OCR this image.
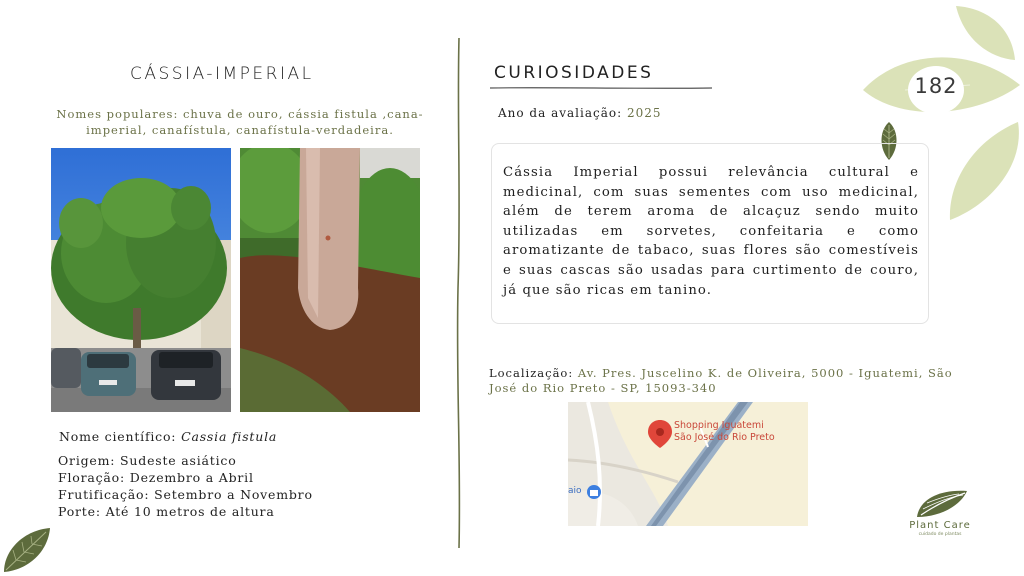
182
CÁSSIA-IMPERIAL
Nomes populares: chuva de ouro, cássia fistula ,cana-imperial, canafístula, canafístula-verdadeira.
Nome científico: Cassia fistula
Origem: Sudeste asiático
Floração: Dezembro a Abril
Frutificação: Setembro a Novembro
Porte: Até 10 metros de altura
CURIOSIDADES
Ano da avaliação: 2025
Cássia Imperial possui relevância cultural e medicinal, com suas sementes com uso medicinal, além de terem aroma de alcaçuz sendo muito utilizadas em sorvetes, confeitaria e como aromatizante de tabaco, suas flores são comestíveis e suas cascas são usadas para curtimento de couro, já que são ricas em tanino.
Localização: Av. Pres. Juscelino K. de Oliveira, 5000 - Iguatemi, São José do Rio Preto - SP, 15093-340
Shopping Iguatemi
São José do Rio Preto
aio
Plant Care
cuidado de plantas
